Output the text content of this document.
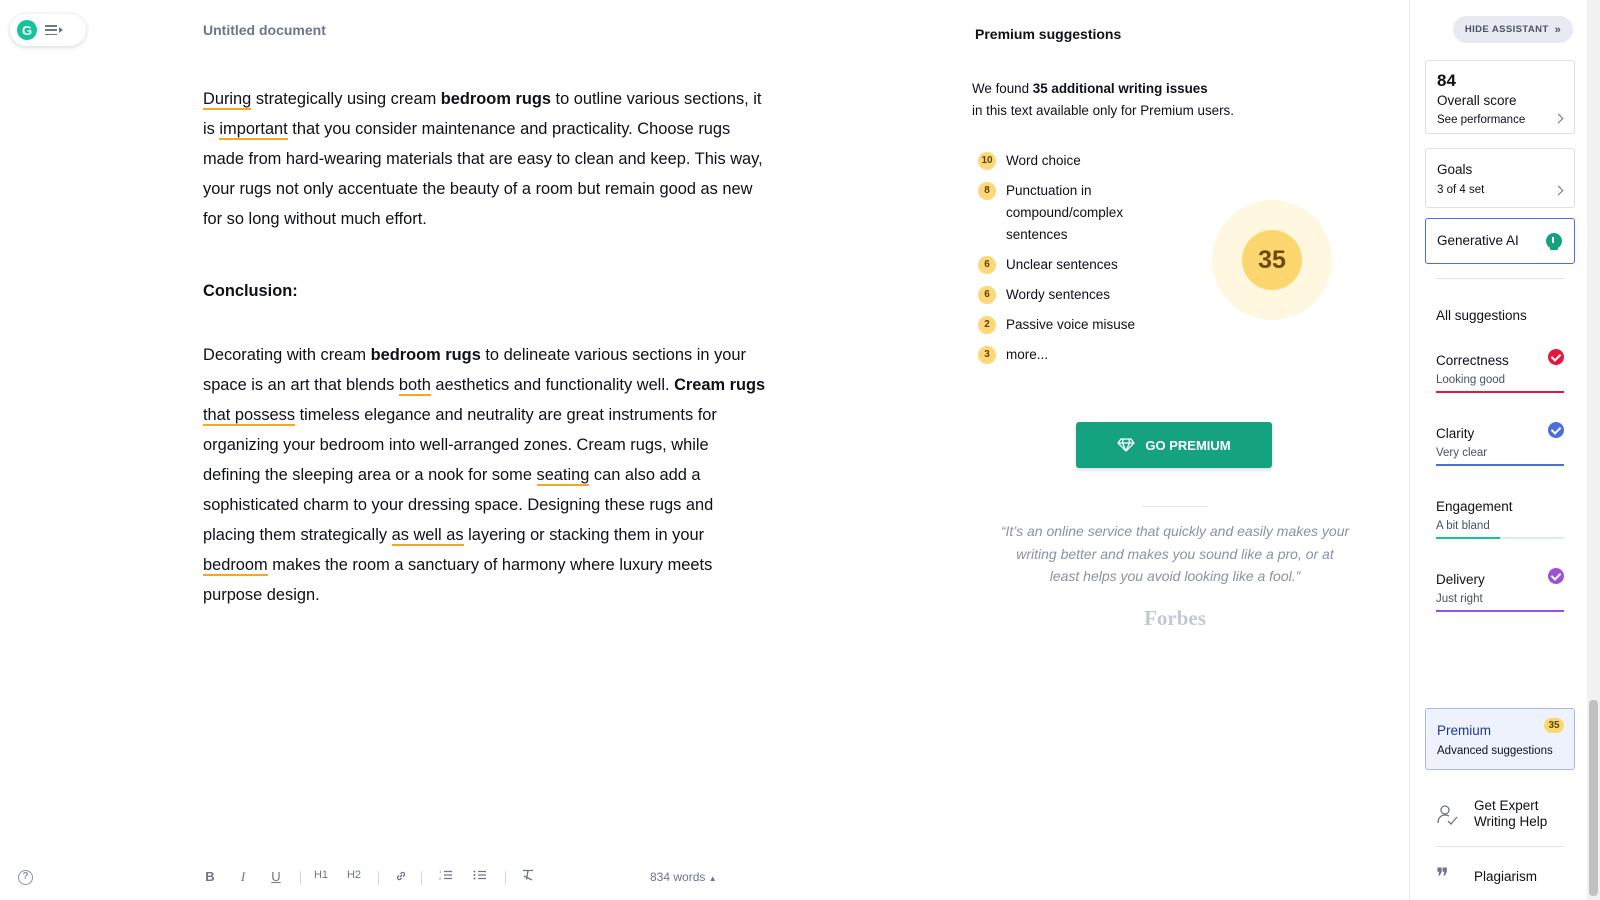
G	Untitled document

During strategically using cream bedroom rugs to outline various sections, it is important that you consider maintenance and practicality. Choose rugs made from hard-wearing materials that are easy to clean and keep. This way, your rugs not only accentuate the beauty of a room but remain good as new for so long without much effort.

Conclusion:

Decorating with cream bedroom rugs to delineate various sections in your space is an art that blends both aesthetics and functionality well. Cream rugs that possess timeless elegance and neutrality are great instruments for organizing your bedroom into well-arranged zones. Cream rugs, while defining the sleeping area or a nook for some seating can also add a sophisticated charm to your dressing space. Designing these rugs and placing them strategically as well as layering or stacking them in your bedroom makes the room a sanctuary of harmony where luxury meets purpose design.

?	B	I	U	H1 H2	1
2	834 words ▲
Premium suggestions
We found 35 additional writing issues
in this text available only for Premium users.
10 Word choice
8	Punctuation in compound/complex sentences
6	Unclear sentences
6	Wordy sentences
2	Passive voice misuse
3	more...
35
GO PREMIUM
“It’s an online service that quickly and easily makes your writing better and makes you sound like a pro, or at least helps you avoid looking like a fool.”
Forbes
HIDE ASSISTANT »
84
Overall score
See performance
Goals
3 of 4 set
Generative AI
All suggestions
Correctness
Looking good
Clarity
Very clear
Engagement
A bit bland
Delivery
Just right
Premium	35
Advanced suggestions
Get Expert Writing Help
❞ Plagiarism
